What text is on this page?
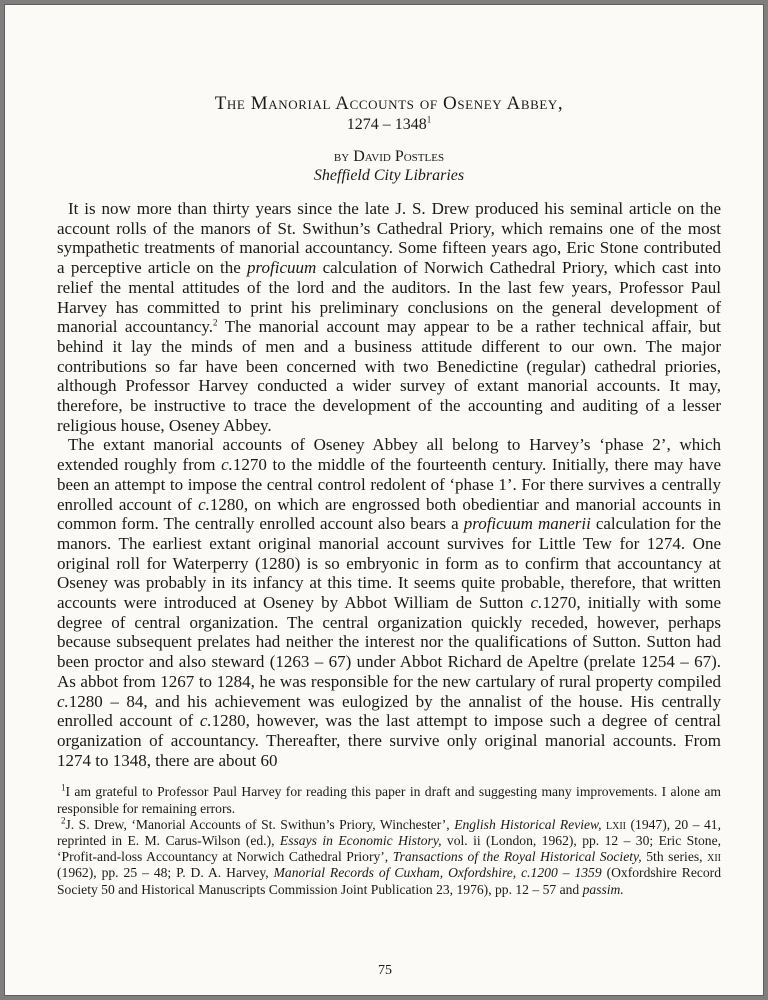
The Manorial Accounts of Oseney Abbey,

1274 – 1348$^1$

by David Postles

Sheffield City Libraries

It is now more than thirty years since the late J. S. Drew produced his seminal article on the account rolls of the manors of St. Swithun’s Cathedral Priory, which remains one of the most sympathetic treatments of manorial accountancy. Some fifteen years ago, Eric Stone contributed a perceptive article on the proficuum calculation of Norwich Cathedral Priory, which cast into relief the mental attitudes of the lord and the auditors. In the last few years, Professor Paul Harvey has committed to print his preliminary conclusions on the general development of manorial accountancy.$^2$ The manorial account may appear to be a rather technical affair, but behind it lay the minds of men and a business attitude different to our own. The major contributions so far have been concerned with two Benedictine (regular) cathedral priories, although Professor Harvey conducted a wider survey of extant manorial accounts. It may, therefore, be instructive to trace the development of the accounting and auditing of a lesser religious house, Oseney Abbey.

The extant manorial accounts of Oseney Abbey all belong to Harvey’s ‘phase 2’, which extended roughly from c.1270 to the middle of the fourteenth century. Initially, there may have been an attempt to impose the central control redolent of ‘phase 1’. For there survives a centrally enrolled account of c.1280, on which are engrossed both obedientiar and manorial accounts in common form. The centrally enrolled account also bears a proficuum manerii calculation for the manors. The earliest extant original manorial account survives for Little Tew for 1274. One original roll for Waterperry (1280) is so embryonic in form as to confirm that accountancy at Oseney was probably in its infancy at this time. It seems quite probable, therefore, that written accounts were introduced at Oseney by Abbot William de Sutton c.1270, initially with some degree of central organization. The central organization quickly receded, however, perhaps because subsequent prelates had neither the interest nor the qualifications of Sutton. Sutton had been proctor and also steward (1263 – 67) under Abbot Richard de Apeltre (prelate 1254 – 67). As abbot from 1267 to 1284, he was responsible for the new cartulary of rural property compiled c.1280 – 84, and his achievement was eulogized by the annalist of the house. His centrally enrolled account of c.1280, however, was the last attempt to impose such a degree of central organization of accountancy. Thereafter, there survive only original manorial accounts. From 1274 to 1348, there are about 60

$^1$I am grateful to Professor Paul Harvey for reading this paper in draft and suggesting many improvements. I alone am responsible for remaining errors.

$^2$J. S. Drew, ‘Manorial Accounts of St. Swithun’s Priory, Winchester’, English Historical Review, lxii (1947), 20 – 41, reprinted in E. M. Carus-Wilson (ed.), Essays in Economic History, vol. ii (London, 1962), pp. 12 – 30; Eric Stone, ‘Profit-and-loss Accountancy at Norwich Cathedral Priory’, Transactions of the Royal Historical Society, 5th series, xii (1962), pp. 25 – 48; P. D. A. Harvey, Manorial Records of Cuxham, Oxfordshire, c.1200 – 1359 (Oxfordshire Record Society 50 and Historical Manuscripts Commission Joint Publication 23, 1976), pp. 12 – 57 and passim.

75
